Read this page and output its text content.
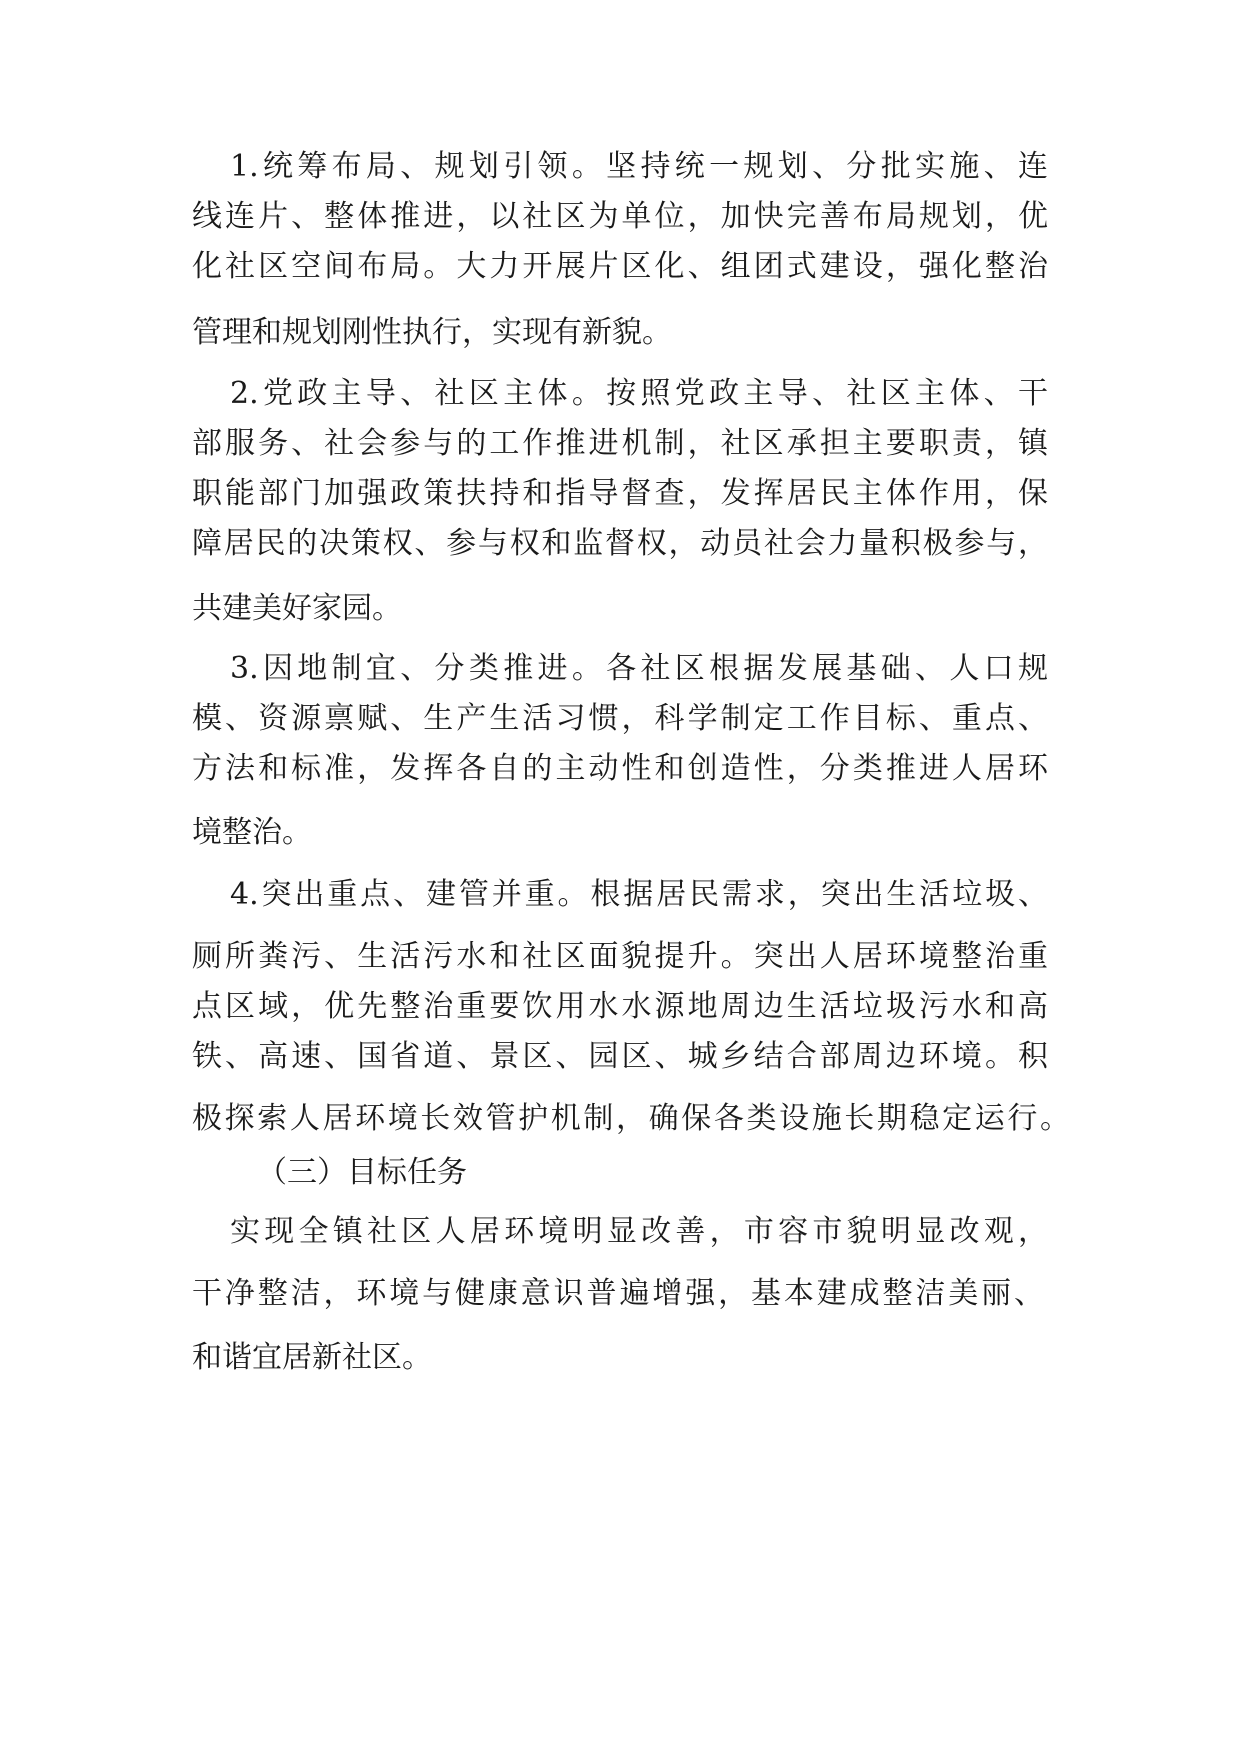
1.统筹布局、规划引领。坚持统一规划、分批实施、连

线连片、整体推进，以社区为单位，加快完善布局规划，优

化社区空间布局。大力开展片区化、组团式建设，强化整治

管理和规划刚性执行，实现有新貌。

2.党政主导、社区主体。按照党政主导、社区主体、干

部服务、社会参与的工作推进机制，社区承担主要职责，镇

职能部门加强政策扶持和指导督查，发挥居民主体作用，保

障居民的决策权、参与权和监督权，动员社会力量积极参与，

共建美好家园。

3.因地制宜、分类推进。各社区根据发展基础、人口规

模、资源禀赋、生产生活习惯，科学制定工作目标、重点、

方法和标准，发挥各自的主动性和创造性，分类推进人居环

境整治。

4.突出重点、建管并重。根据居民需求，突出生活垃圾、

厕所粪污、生活污水和社区面貌提升。突出人居环境整治重

点区域，优先整治重要饮用水水源地周边生活垃圾污水和高

铁、高速、国省道、景区、园区、城乡结合部周边环境。积

极探索人居环境长效管护机制，确保各类设施长期稳定运行。

（三）目标任务

实现全镇社区人居环境明显改善，市容市貌明显改观，

干净整洁，环境与健康意识普遍增强，基本建成整洁美丽、

和谐宜居新社区。
